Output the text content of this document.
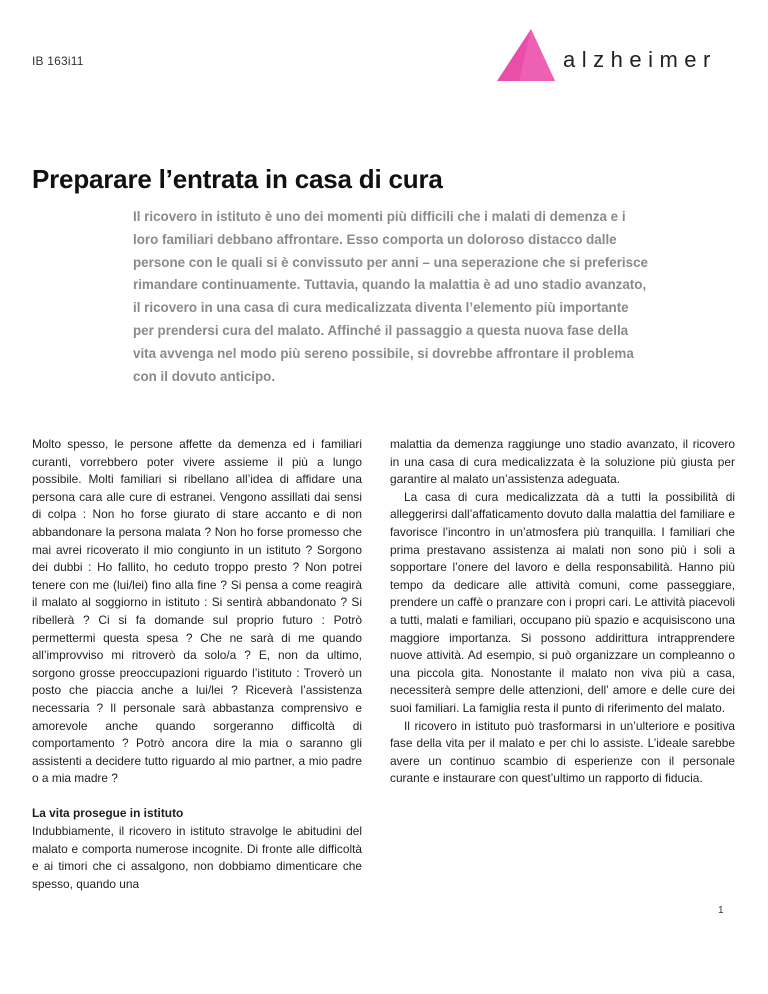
IB 163i11	alzheimer
Preparare l’entrata in casa di cura

Il ricovero in istituto è uno dei momenti più difficili che i malati di demenza e i loro familiari debbano affrontare. Esso comporta un doloroso distacco dalle persone con le quali si è convissuto per anni – una seperazione che si preferisce rimandare continuamente. Tuttavia, quando la malattia è ad uno stadio avanzato, il ricovero in una casa di cura medicalizzata diventa l’elemento più importante per prendersi cura del malato. Affinché il passaggio a questa nuova fase della vita avvenga nel modo più sereno possibile, si dovrebbe affrontare il problema con il dovuto anticipo.

Molto spesso, le persone affette da demenza ed i familiari curanti, vorrebbero poter vivere assieme il più a lungo possibile. Molti familiari si ribellano all’idea di affidare una persona cara alle cure di estranei. Vengono assillati dai sensi di colpa : Non ho forse giurato di stare accanto e di non abbandonare la persona malata ? Non ho forse promesso che mai avrei ricoverato il mio congiunto in un istituto ? Sorgono dei dubbi : Ho fallito, ho ceduto troppo presto ? Non potrei tenere con me (lui/lei) fino alla fine ? Si pensa a come reagirà il malato al soggiorno in istituto : Si sentirà abbandonato ? Si ribellerà ? Ci si fa domande sul proprio futuro : Potrò permettermi questa spesa ? Che ne sarà di me quando all’improvviso mi ritroverò da solo/a ? E, non da ultimo, sorgono grosse preoccupazioni riguardo l’istituto : Troverò un posto che piaccia anche a lui/lei ? Riceverà l’assistenza necessaria ? Il personale sarà abbastanza comprensivo e amorevole anche quando sorgeranno difficoltà di comportamento ? Potrò ancora dire la mia o saranno gli assistenti a decidere tutto riguardo al mio partner, a mio padre o a mia madre ?

La vita prosegue in istituto

Indubbiamente, il ricovero in istituto stravolge le abitudini del malato e comporta numerose incognite. Di fronte alle difficoltà e ai timori che ci assalgono, non dobbiamo dimenticare che spesso, quando una

malattia da demenza raggiunge uno stadio avanzato, il ricovero in una casa di cura medicalizzata è la soluzione più giusta per garantire al malato un’assistenza adeguata.

La casa di cura medicalizzata dà a tutti la possibilità di alleggerirsi dall’affaticamento dovuto dalla malattia del familiare e favorisce l’incontro in un’atmosfera più tranquilla. I familiari che prima prestavano assistenza ai malati non sono più i soli a sopportare l’onere del lavoro e della responsabilità. Hanno più tempo da dedicare alle attività comuni, come passeggiare, prendere un caffè o pranzare con i propri cari. Le attività piacevoli a tutti, malati e familiari, occupano più spazio e acquisiscono una maggiore importanza. Si possono addirittura intrapprendere nuove attività. Ad esempio, si può organizzare un compleanno o una piccola gita. Nonostante il malato non viva più a casa, necessiterà sempre delle attenzioni, dell’ amore e delle cure dei suoi familiari. La famiglia resta il punto di riferimento del malato.

Il ricovero in istituto può trasformarsi in un’ulteriore e positiva fase della vita per il malato e per chi lo assiste. L’ideale sarebbe avere un continuo scambio di esperienze con il personale curante e instaurare con quest’ultimo un rapporto di fiducia.

1
